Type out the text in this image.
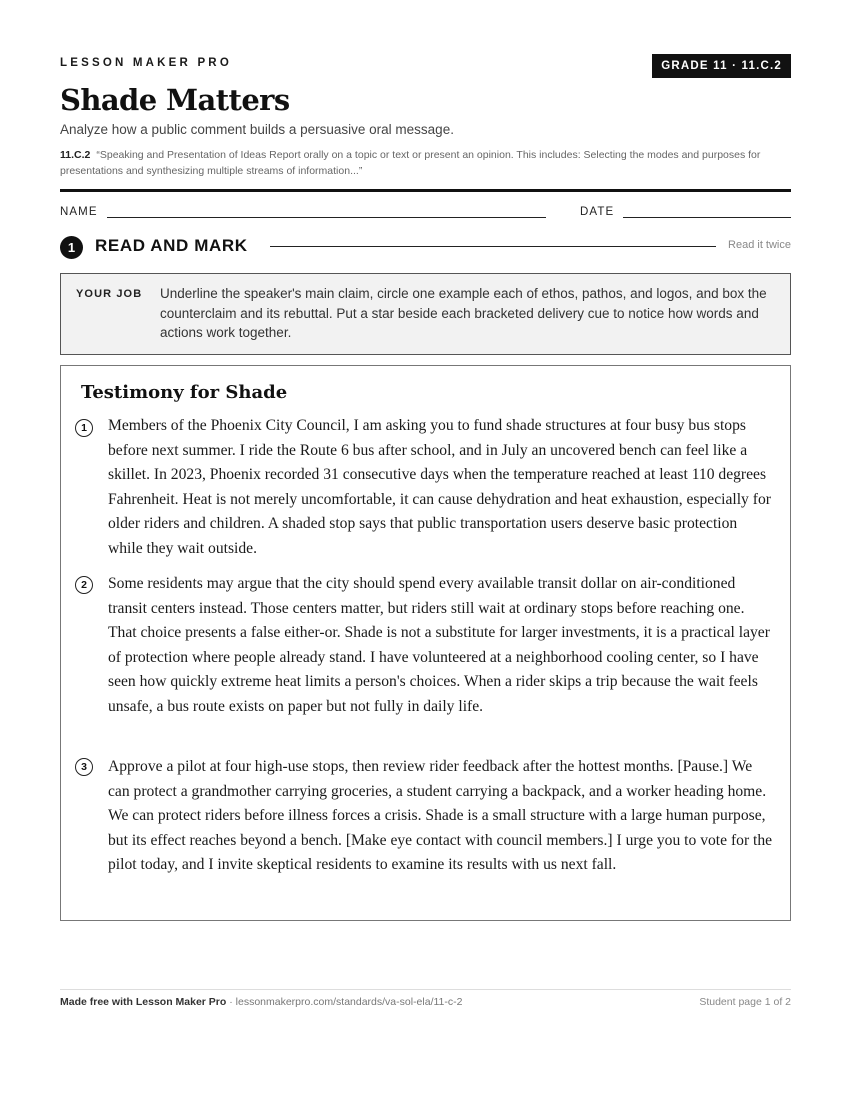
LESSON MAKER PRO	GRADE 11 · 11.C.2
Shade Matters
Analyze how a public comment builds a persuasive oral message.
11.C.2 “Speaking and Presentation of Ideas Report orally on a topic or text or present an opinion. This includes: Selecting the modes and purposes for presentations and synthesizing multiple streams of information...”
NAME	DATE
1	READ AND MARK	Read it twice
YOUR JOB Underline the speaker's main claim, circle one example each of ethos, pathos, and logos, and box the counterclaim and its rebuttal. Put a star beside each bracketed delivery cue to notice how words and actions work together.
Testimony for Shade
1	Members of the Phoenix City Council, I am asking you to fund shade structures at four busy bus stops before next summer. I ride the Route 6 bus after school, and in July an uncovered bench can feel like a skillet. In 2023, Phoenix recorded 31 consecutive days when the temperature reached at least 110 degrees Fahrenheit. Heat is not merely uncomfortable, it can cause dehydration and heat exhaustion, especially for older riders and children. A shaded stop says that public transportation users deserve basic protection while they wait outside.

2	Some residents may argue that the city should spend every available transit dollar on air-conditioned transit centers instead. Those centers matter, but riders still wait at ordinary stops before reaching one. That choice presents a false either-or. Shade is not a substitute for larger investments, it is a practical layer of protection where people already stand. I have volunteered at a neighborhood cooling center, so I have seen how quickly extreme heat limits a person's choices. When a rider skips a trip because the wait feels unsafe, a bus route exists on paper but not fully in daily life.

3	Approve a pilot at four high-use stops, then review rider feedback after the hottest months. [Pause.] We can protect a grandmother carrying groceries, a student carrying a backpack, and a worker heading home. We can protect riders before illness forces a crisis. Shade is a small structure with a large human purpose, but its effect reaches beyond a bench. [Make eye contact with council members.] I urge you to vote for the pilot today, and I invite skeptical residents to examine its results with us next fall.

Made free with Lesson Maker Pro · lessonmakerpro.com/standards/va-sol-ela/11-c-2	Student page 1 of 2
